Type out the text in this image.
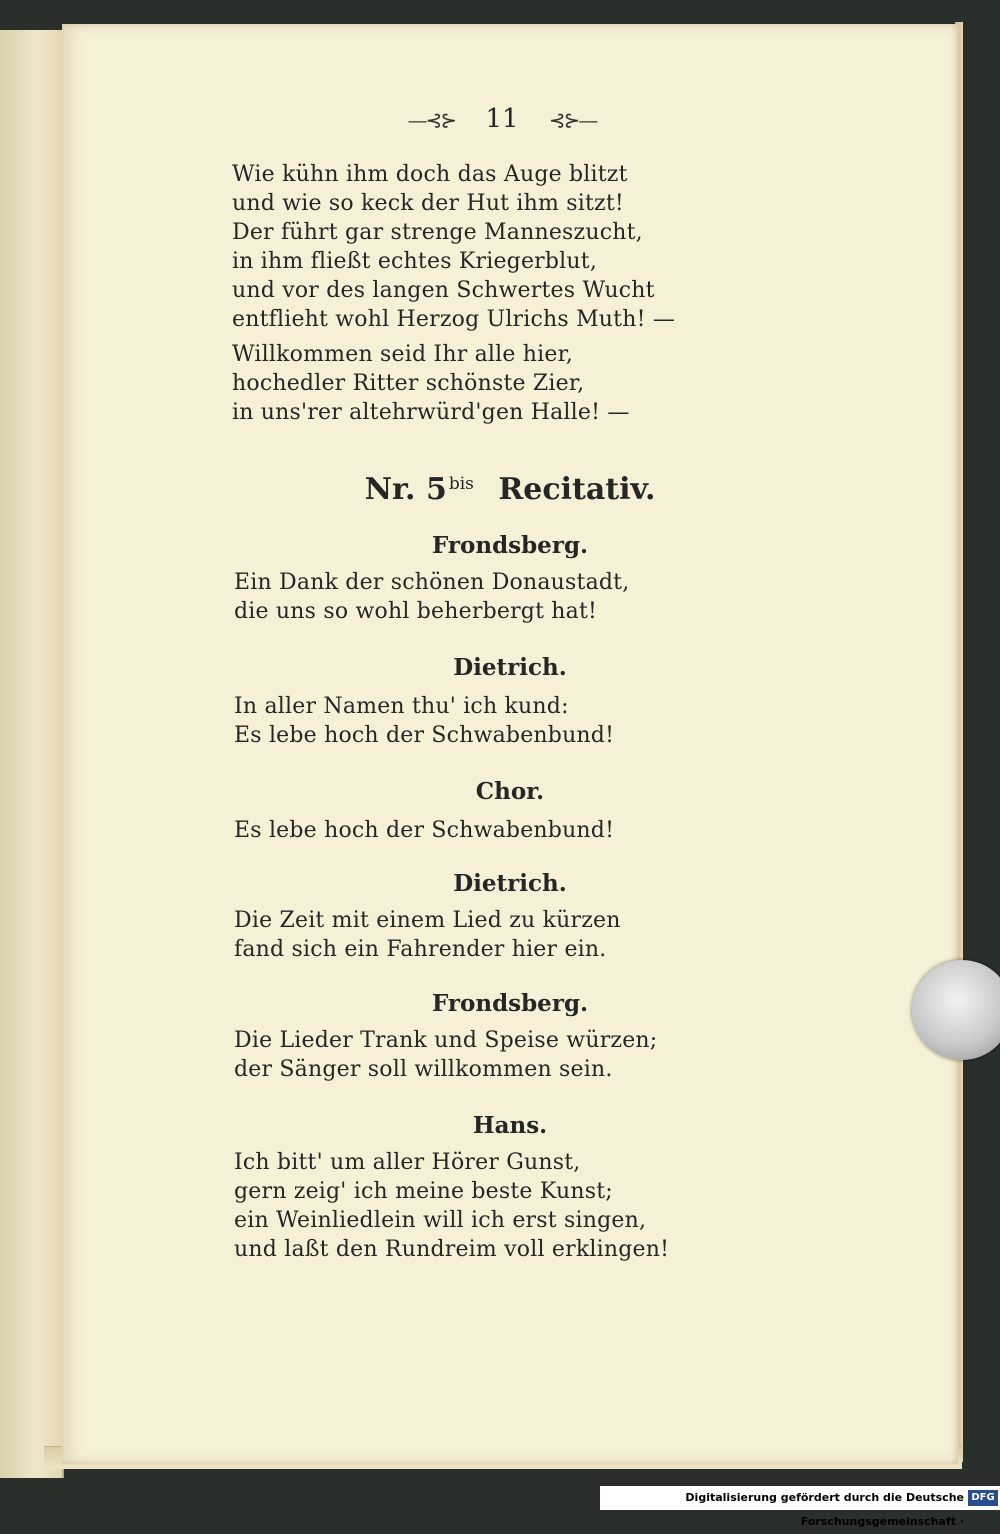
—⊰⊱ 11 ⊰⊱—
Wie kühn ihm doch das Auge blitzt
und wie so keck der Hut ihm sitzt!
Der führt gar strenge Manneszucht,
in ihm fließt echtes Kriegerblut,
und vor des langen Schwertes Wucht
entflieht wohl Herzog Ulrichs Muth! —
Willkommen seid Ihr alle hier,
hochedler Ritter schönste Zier,
in uns'rer altehrwürd'gen Halle! —
Nr. 5 $^{bis}$ Recitativ.
Frondsberg.
Ein Dank der schönen Donaustadt,
die uns so wohl beherbergt hat!
Dietrich.
In aller Namen thu' ich kund:
Es lebe hoch der Schwabenbund!
Chor.
Es lebe hoch der Schwabenbund!
Dietrich.
Die Zeit mit einem Lied zu kürzen
fand sich ein Fahrender hier ein.
Frondsberg.
Die Lieder Trank und Speise würzen;
der Sänger soll willkommen sein.
Hans.
Ich bitt' um aller Hörer Gunst,
gern zeig' ich meine beste Kunst;
ein Weinliedlein will ich erst singen,
und laßt den Rundreim voll erklingen!
Digitalisierung gefördert durch die Deutsche Forschungsgemeinschaft ·
DFG
